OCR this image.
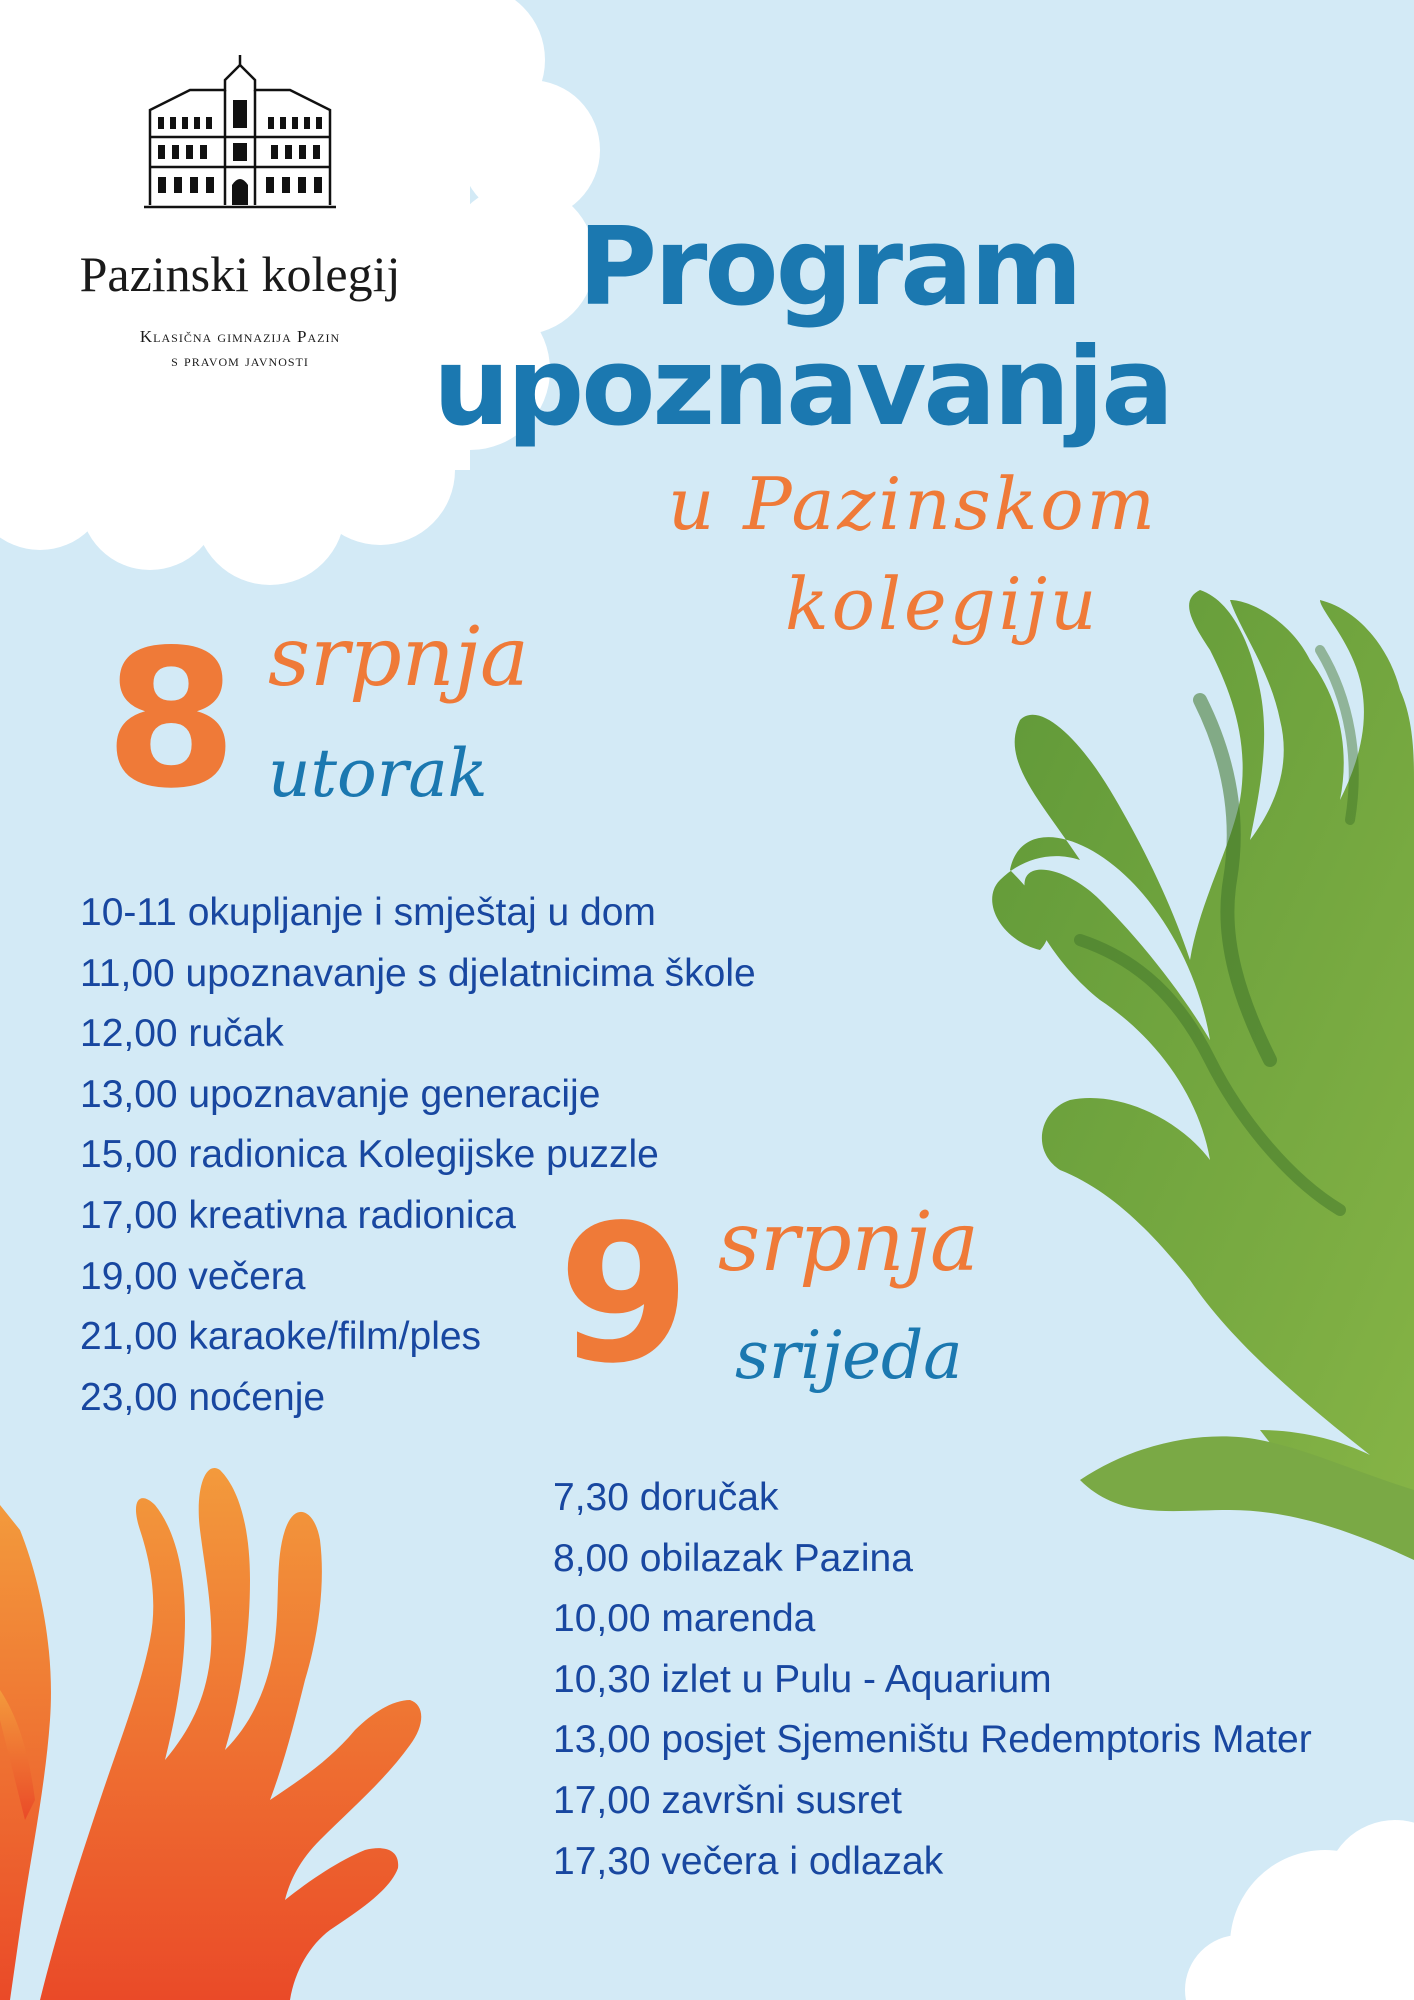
Pazinski kolegij
Klasična gimnazija Pazin
s pravom javnosti
Program
upoznavanja
u Pazinskom
kolegiju
8 srpnja
utorak
10-11 okupljanje i smještaj u dom
11,00 upoznavanje s djelatnicima škole
12,00 ručak
13,00 upoznavanje generacije
15,00 radionica Kolegijske puzzle
17,00 kreativna radionica
19,00 večera
21,00 karaoke/film/ples
23,00 noćenje	9 srpnja
srijeda
7,30 doručak
8,00 obilazak Pazina
10,00 marenda
10,30 izlet u Pulu - Aquarium
13,00 posjet Sjemeništu Redemptoris Mater
17,00 završni susret
17,30 večera i odlazak
